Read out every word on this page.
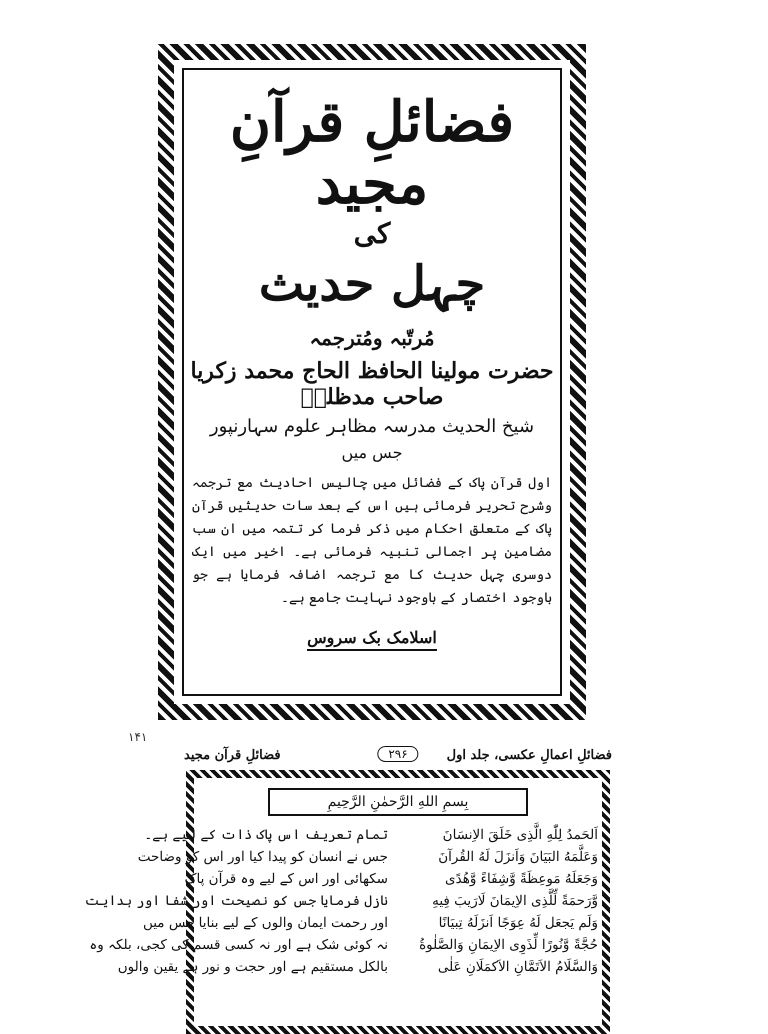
فضائلِ قرآنِ مجید
کی
چہل حدیث
مُرتّبہ ومُترجمہ
حضرت مولینا الحافظ الحاج محمد زکریا صاحب مدظلہٗ
شیخ الحدیث مدرسہ مظاہر علوم سہارنپور
جس میں
اول قرآن پاک کے فضائل میں چالیس احادیث مع ترجمہ وشرح تحریر فرمائی ہیں اس کے بعد سات حدیثیں قرآن پاک کے متعلق احکام میں ذکر فرما کر تتمہ میں ان سب مضامین پر اجمالی تنبیہ فرمائی ہے۔ اخیر میں ایک دوسری چہل حدیث کا مع ترجمہ اضافہ فرمایا ہے جو باوجود اختصار کے باوجود نہایت جامع ہے۔
اسلامک بک سروس
۱۴۱
فضائلِ اعمالِ عکسی، جلد اول
۲۹۶
فضائلِ قرآن مجید
بِسمِ اللهِ الرَّحمٰنِ الرَّحِیمِ
اَلحَمدُ لِلّٰهِ الَّذِی خَلَقَ الاِنسَانَ
وَعَلَّمَهُ البَیَانَ وَاَنزَلَ لَهُ القُرآنَ
وَجَعَلَهُ مَوعِظَةً وَّشِفَاءً وَّهُدًی
وَّرَحمَةً لِّلَّذِی الاِیمَانَ لَارَیبَ فِیهِ
وَلَم یَجعَل لَهُ عِوَجًا اَنزَلَهُ تِبیَانًا
حُجَّةً وَّنُورًا لِّذَوِی الاِیمَانِ وَالصَّلٰوةُ
وَالسَّلَامُ الاَتَمَّانِ الاَکمَلَانِ عَلٰی
تمام تعریف اس پاک ذات کے لیے ہے۔
جس نے انسان کو پیدا کیا اور اس کو وضاحت
سکھائی اور اس کے لیے وہ قرآن پاک
نازل فرمایا جس کو نصیحت اور شفا اور ہدایت
اور رحمت ایمان والوں کے لیے بنایا جس میں
نہ کوئی شک ہے اور نہ کسی قسم کی کجی، بلکہ وہ
بالکل مستقیم ہے اور حجت و نور ہے یقین والوں
